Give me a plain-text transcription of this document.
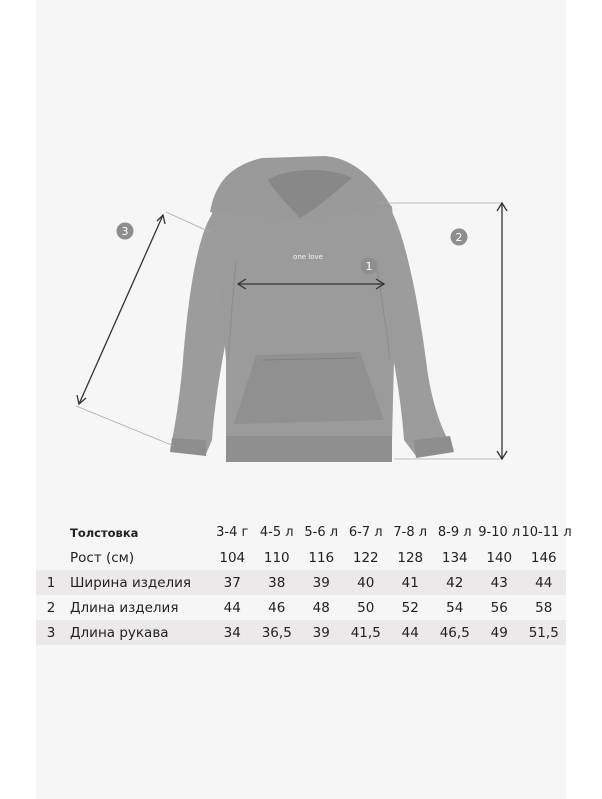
one love
1
2
3
	Толстовка	3-4 г	4-5 л	5-6 л	6-7 л	7-8 л	8-9 л	9-10 л	10-11 л
	Рост (см)	104	110	116	122	128	134	140	146
1	Ширина изделия	37	38	39	40	41	42	43	44
2	Длина изделия	44	46	48	50	52	54	56	58
3	Длина рукава	34	36,5	39	41,5	44	46,5	49	51,5
